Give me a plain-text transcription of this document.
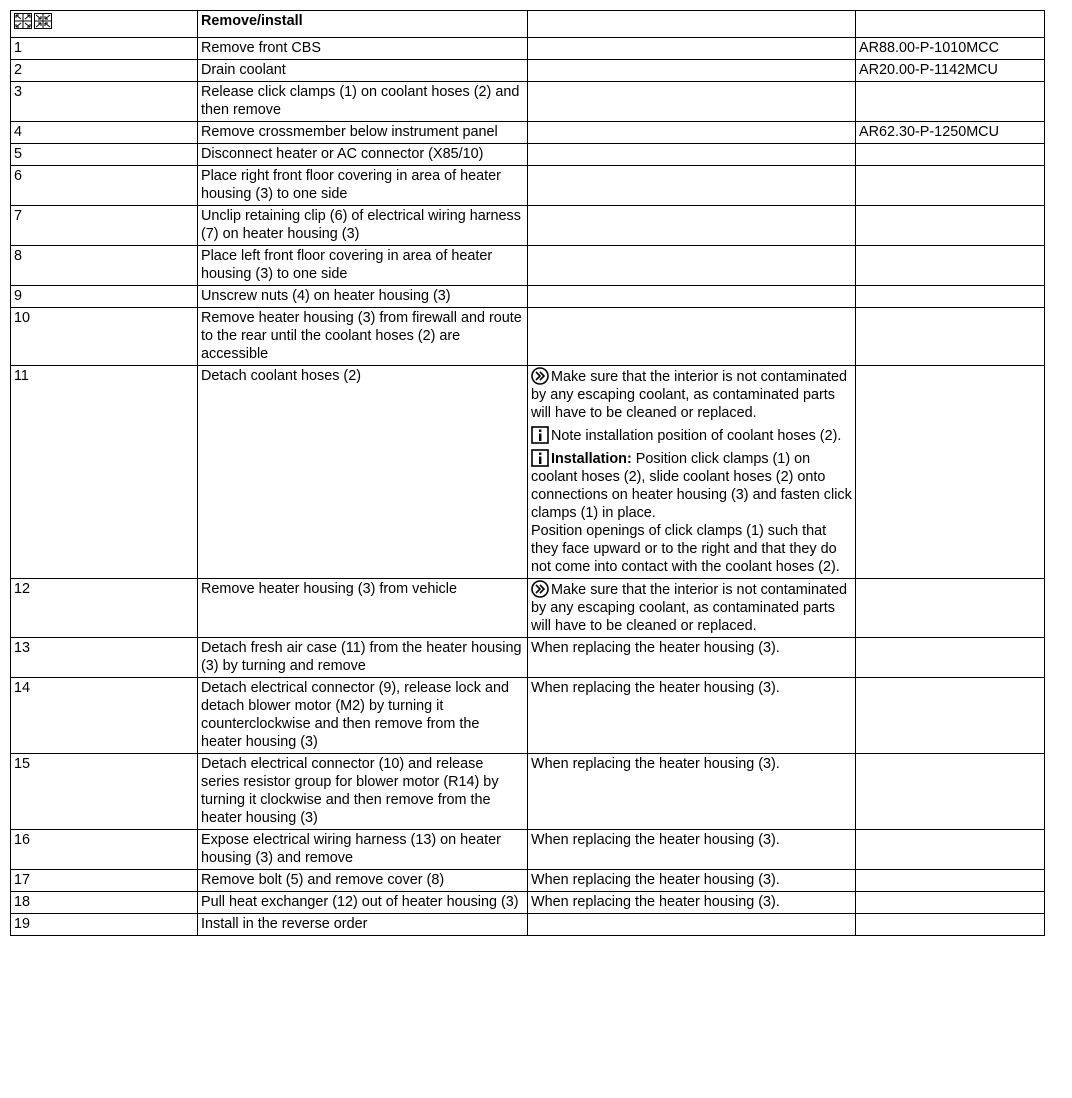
	Remove/install		
1	Remove front CBS		AR88.00-P-1010MCC
2	Drain coolant		AR20.00-P-1142MCU
3	Release click clamps (1) on coolant hoses (2) and then remove		
4	Remove crossmember below instrument panel		AR62.30-P-1250MCU
5	Disconnect heater or AC connector (X85/10)		
6	Place right front floor covering in area of heater housing (3) to one side		
7	Unclip retaining clip (6) of electrical wiring harness (7) on heater housing (3)		
8	Place left front floor covering in area of heater housing (3) to one side		
9	Unscrew nuts (4) on heater housing (3)		
10	Remove heater housing (3) from firewall and route to the rear until the coolant hoses (2) are accessible		
11	Detach coolant hoses (2)	Make sure that the interior is not contaminated by any escaping coolant, as contaminated parts will have to be cleaned or replaced.
Note installation position of coolant hoses (2).
Installation: Position click clamps (1) on coolant hoses (2), slide coolant hoses (2) onto connections on heater housing (3) and fasten click clamps (1) in place.
Position openings of click clamps (1) such that they face upward or to the right and that they do not come into contact with the coolant hoses (2).	

12	Remove heater housing (3) from vehicle	Make sure that the interior is not contaminated by any escaping coolant, as contaminated parts will have to be cleaned or replaced.	

13	Detach fresh air case (11) from the heater housing (3) by turning and remove	When replacing the heater housing (3).	
14	Detach electrical connector (9), release lock and detach blower motor (M2) by turning it counterclockwise and then remove from the heater housing (3)	When replacing the heater housing (3).	
15	Detach electrical connector (10) and release series resistor group for blower motor (R14) by turning it clockwise and then remove from the heater housing (3)	When replacing the heater housing (3).	
16	Expose electrical wiring harness (13) on heater housing (3) and remove	When replacing the heater housing (3).	
17	Remove bolt (5) and remove cover (8)	When replacing the heater housing (3).	
18	Pull heat exchanger (12) out of heater housing (3)	When replacing the heater housing (3).	
19	Install in the reverse order		
